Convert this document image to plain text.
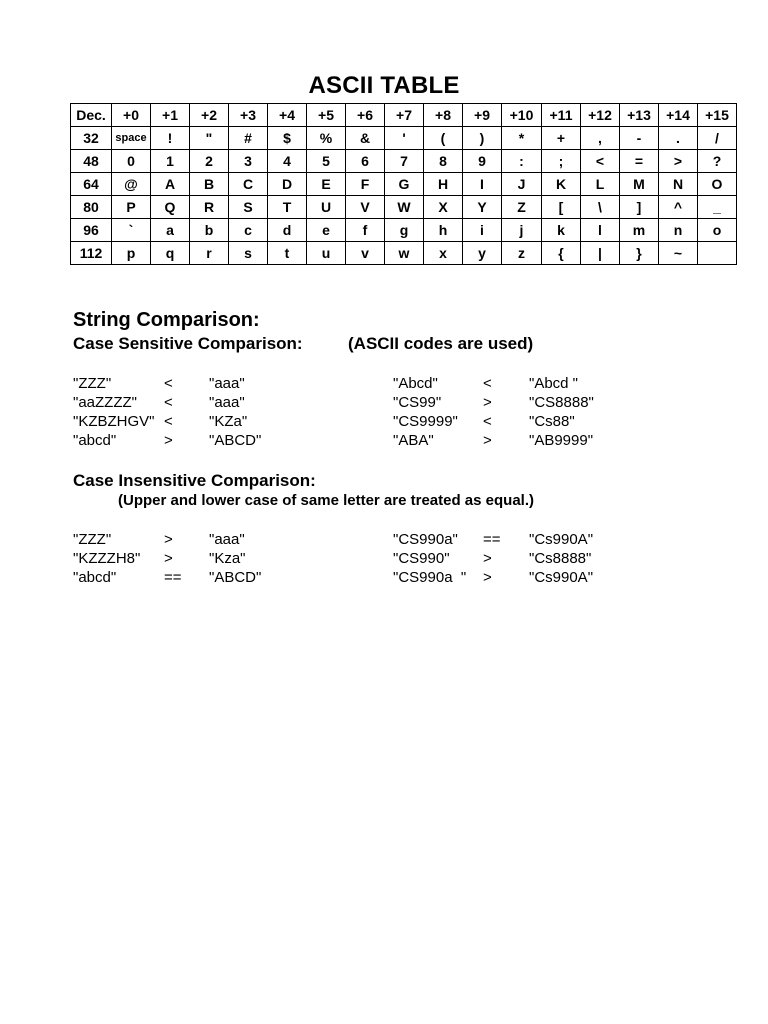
ASCII TABLE
Dec.	+0	+1	+2	+3	+4	+5	+6	+7	+8	+9	+10	+11	+12	+13	+14	+15
32	space	!	"	#	$	%	&	'	(	)	*	+	,	-	.	/
48	0	1	2	3	4	5	6	7	8	9	:	;	<	=	>	?
64	@	A	B	C	D	E	F	G	H	I	J	K	L	M	N	O
80	P	Q	R	S	T	U	V	W	X	Y	Z	[	\	]	^	_
96	`	a	b	c	d	e	f	g	h	i	j	k	l	m	n	o
112	p	q	r	s	t	u	v	w	x	y	z	{	|	}	~	
String Comparison:
Case Sensitive Comparison:	(ASCII codes are used)
"ZZZ"	< "aaa"	"Abcd"	< "Abcd "
"aaZZZZ" < "aaa"	"CS99"	> "CS8888"
"KZBZHGV" < "KZa"	"CS9999" < "Cs88"
"abcd"	> "ABCD"	"ABA"	> "AB9999"
Case Insensitive Comparison:
(Upper and lower case of same letter are treated as equal.)
"ZZZ"	> "aaa"	"CS990a" == "Cs990A"
"KZZZH8" > "Kza"	"CS990" > "Cs8888"
"abcd"	== "ABCD"	"CS990a  " > "Cs990A"
